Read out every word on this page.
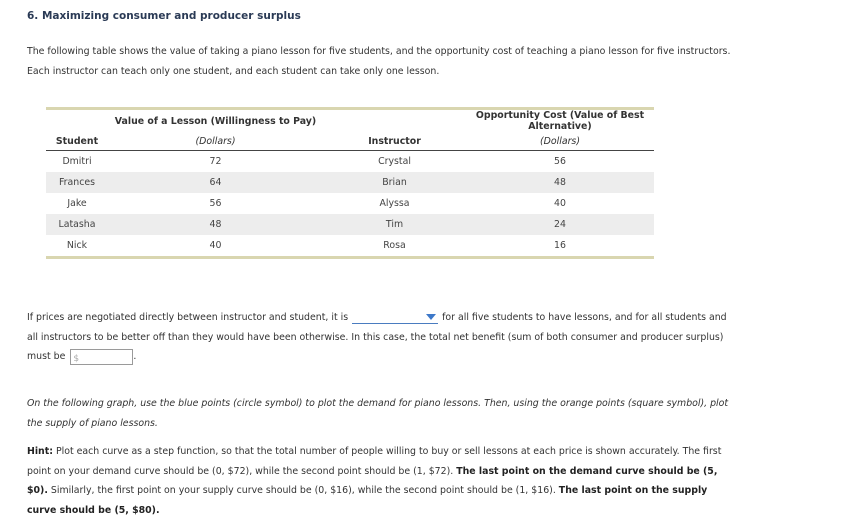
6. Maximizing consumer and producer surplus
The following table shows the value of taking a piano lesson for five students, and the opportunity cost of teaching a piano lesson for five instructors.
Each instructor can teach only one student, and each student can take only one lesson.
	Value of a Lesson (Willingness to Pay)		Opportunity Cost (Value of Best Alternative)
Student	(Dollars)	Instructor	(Dollars)
Dmitri	72	Crystal	56
Frances	64	Brian	48
Jake	56	Alyssa	40
Latasha	48	Tim	24
Nick	40	Rosa	16
If prices are negotiated directly between instructor and student, it is	for all five students to have lessons, and for all students and
all instructors to be better off than they would have been otherwise. In this case, the total net benefit (sum of both consumer and producer surplus)
must be $	.
On the following graph, use the blue points (circle symbol) to plot the demand for piano lessons. Then, using the orange points (square symbol), plot
the supply of piano lessons.
Hint: Plot each curve as a step function, so that the total number of people willing to buy or sell lessons at each price is shown accurately. The first
point on your demand curve should be (0, $72), while the second point should be (1, $72). The last point on the demand curve should be (5,
$0). Similarly, the first point on your supply curve should be (0, $16), while the second point should be (1, $16). The last point on the supply
curve should be (5, $80).
